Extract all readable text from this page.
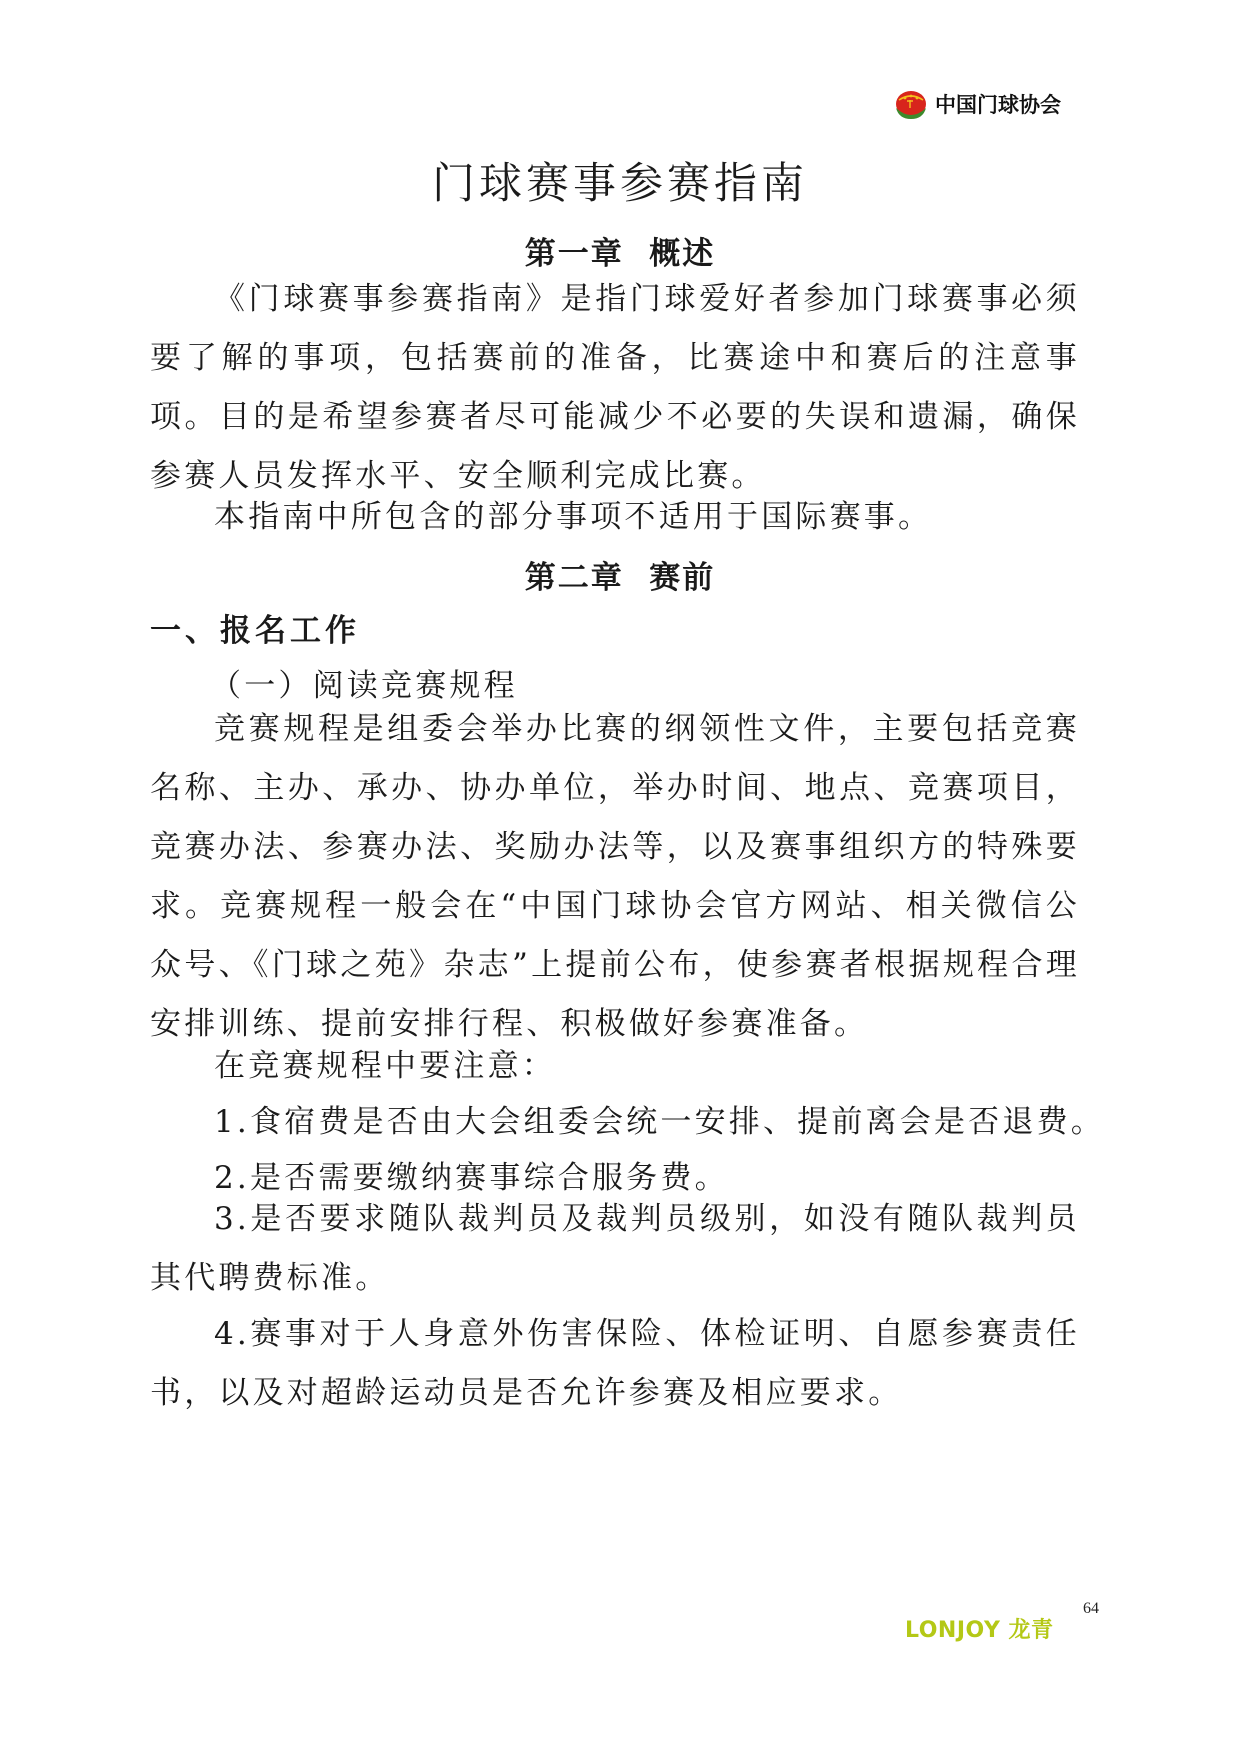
中国门球协会
门球赛事参赛指南
第一章  概述

《门球赛事参赛指南》是指门球爱好者参加门球赛事必须要了解的事项，包括赛前的准备，比赛途中和赛后的注意事项。目的是希望参赛者尽可能减少不必要的失误和遗漏，确保参赛人员发挥水平、安全顺利完成比赛。

本指南中所包含的部分事项不适用于国际赛事。

第二章  赛前

一、报名工作

（一）阅读竞赛规程

竞赛规程是组委会举办比赛的纲领性文件，主要包括竞赛名称、主办、承办、协办单位，举办时间、地点、竞赛项目，竞赛办法、参赛办法、奖励办法等，以及赛事组织方的特殊要求。竞赛规程一般会在“中国门球协会官方网站、相关微信公众号、《门球之苑》杂志”上提前公布，使参赛者根据规程合理安排训练、提前安排行程、积极做好参赛准备。

在竞赛规程中要注意：

1.食宿费是否由大会组委会统一安排、提前离会是否退费。

2.是否需要缴纳赛事综合服务费。

3.是否要求随队裁判员及裁判员级别，如没有随队裁判员其代聘费标准。

4.赛事对于人身意外伤害保险、体检证明、自愿参赛责任书，以及对超龄运动员是否允许参赛及相应要求。

LONJOY 龙青
64
